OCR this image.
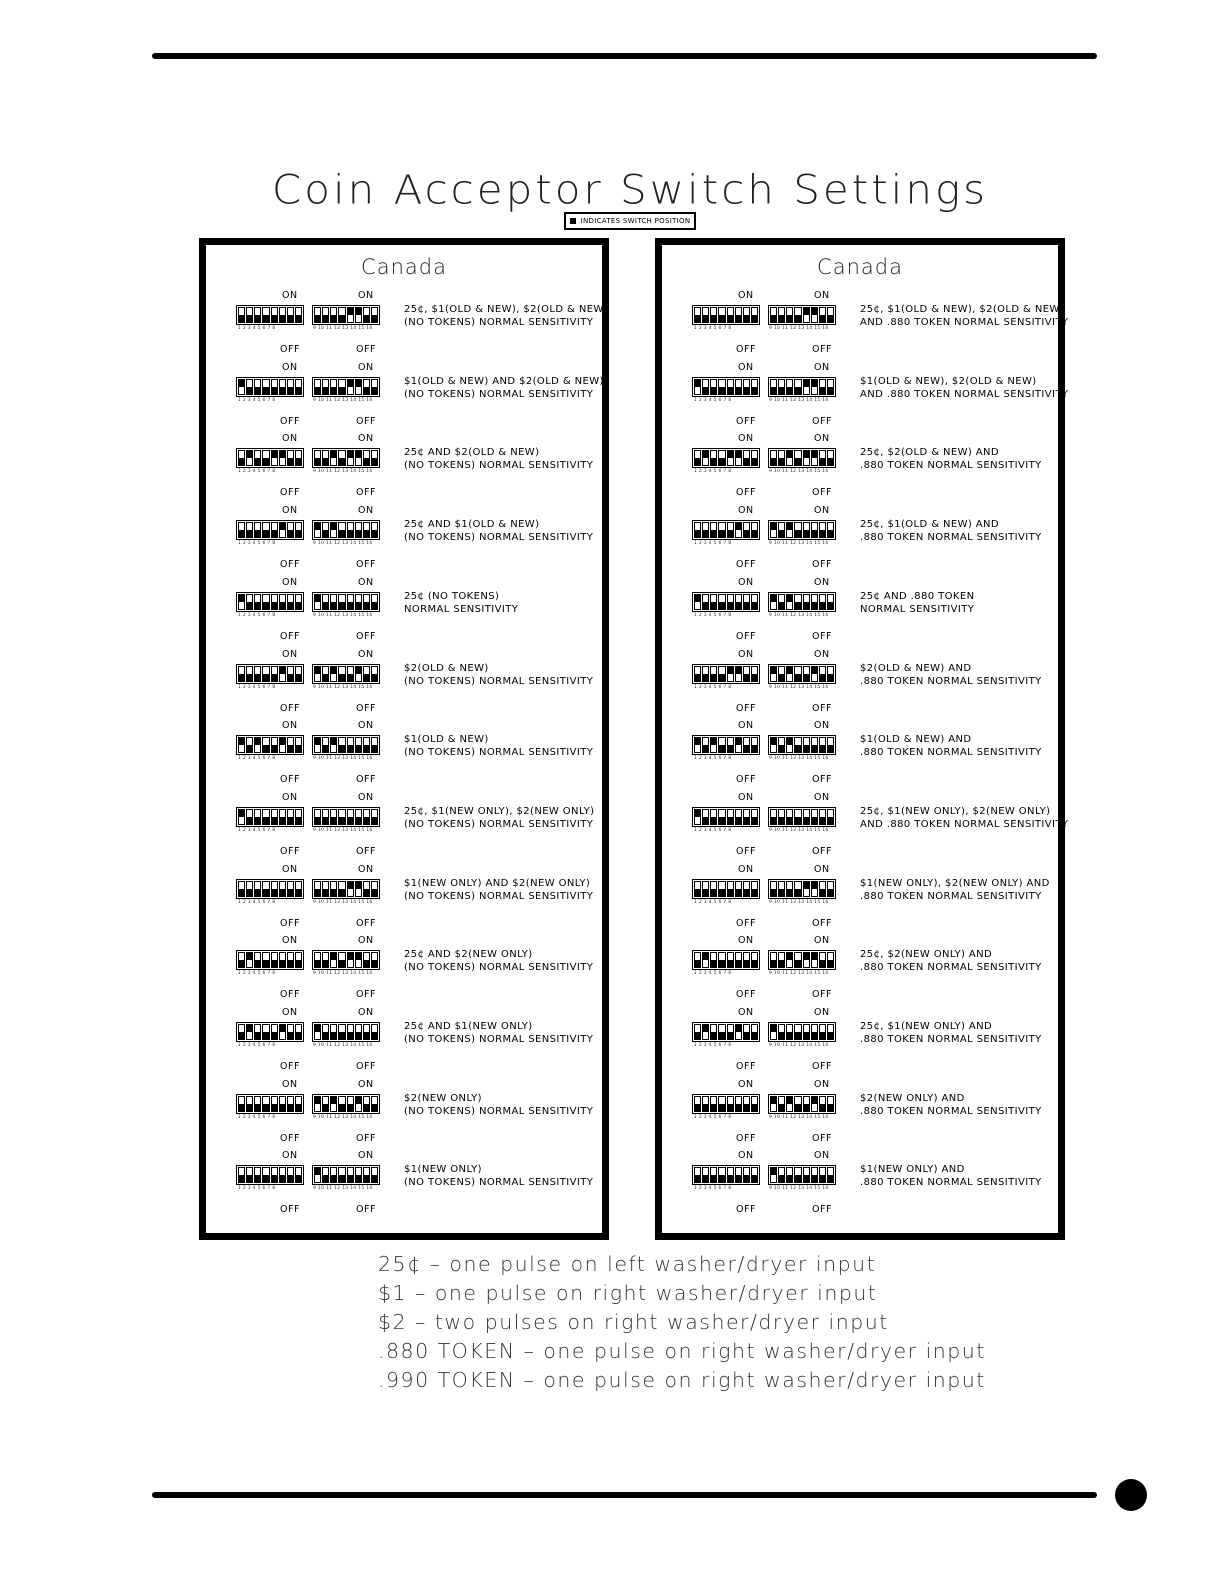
Coin Acceptor Switch Settings
INDICATES SWITCH POSITION
Canada
ON	ON
1 2 3 4 5 6 7 8	9 10 11 12 13 14 15 16
25¢, $1(OLD & NEW), $2(OLD & NEW)
(NO TOKENS) NORMAL SENSITIVITY
OFF	OFF
ON	ON
1 2 3 4 5 6 7 8	9 10 11 12 13 14 15 16
$1(OLD & NEW) AND $2(OLD & NEW)
(NO TOKENS) NORMAL SENSITIVITY
OFF	OFF
ON	ON
1 2 3 4 5 6 7 8	9 10 11 12 13 14 15 16
25¢ AND $2(OLD & NEW)
(NO TOKENS) NORMAL SENSITIVITY
OFF	OFF
ON	ON
1 2 3 4 5 6 7 8	9 10 11 12 13 14 15 16
25¢ AND $1(OLD & NEW)
(NO TOKENS) NORMAL SENSITIVITY
OFF	OFF
ON	ON
1 2 3 4 5 6 7 8	9 10 11 12 13 14 15 16
25¢ (NO TOKENS)
NORMAL SENSITIVITY
OFF	OFF
ON	ON
1 2 3 4 5 6 7 8	9 10 11 12 13 14 15 16
$2(OLD & NEW)
(NO TOKENS) NORMAL SENSITIVITY
OFF	OFF
ON	ON
1 2 3 4 5 6 7 8	9 10 11 12 13 14 15 16
$1(OLD & NEW)
(NO TOKENS) NORMAL SENSITIVITY
OFF	OFF
ON	ON
1 2 3 4 5 6 7 8	9 10 11 12 13 14 15 16
25¢, $1(NEW ONLY), $2(NEW ONLY)
(NO TOKENS) NORMAL SENSITIVITY
OFF	OFF
ON	ON
1 2 3 4 5 6 7 8	9 10 11 12 13 14 15 16
$1(NEW ONLY) AND $2(NEW ONLY)
(NO TOKENS) NORMAL SENSITIVITY
OFF	OFF
ON	ON
1 2 3 4 5 6 7 8	9 10 11 12 13 14 15 16
25¢ AND $2(NEW ONLY)
(NO TOKENS) NORMAL SENSITIVITY
OFF	OFF
ON	ON
1 2 3 4 5 6 7 8	9 10 11 12 13 14 15 16
25¢ AND $1(NEW ONLY)
(NO TOKENS) NORMAL SENSITIVITY
OFF	OFF
ON	ON
1 2 3 4 5 6 7 8	9 10 11 12 13 14 15 16
$2(NEW ONLY)
(NO TOKENS) NORMAL SENSITIVITY
OFF	OFF
ON	ON
1 2 3 4 5 6 7 8	9 10 11 12 13 14 15 16
$1(NEW ONLY)
(NO TOKENS) NORMAL SENSITIVITY
OFF	OFF
Canada
ON	ON
1 2 3 4 5 6 7 8	9 10 11 12 13 14 15 16
25¢, $1(OLD & NEW), $2(OLD & NEW)
AND .880 TOKEN NORMAL SENSITIVITY
OFF	OFF
ON	ON
1 2 3 4 5 6 7 8	9 10 11 12 13 14 15 16
$1(OLD & NEW), $2(OLD & NEW)
AND .880 TOKEN NORMAL SENSITIVITY
OFF	OFF
ON	ON
1 2 3 4 5 6 7 8	9 10 11 12 13 14 15 16
25¢, $2(OLD & NEW) AND
.880 TOKEN NORMAL SENSITIVITY
OFF	OFF
ON	ON
1 2 3 4 5 6 7 8	9 10 11 12 13 14 15 16
25¢, $1(OLD & NEW) AND
.880 TOKEN NORMAL SENSITIVITY
OFF	OFF
ON	ON
1 2 3 4 5 6 7 8	9 10 11 12 13 14 15 16
25¢ AND .880 TOKEN
NORMAL SENSITIVITY
OFF	OFF
ON	ON
1 2 3 4 5 6 7 8	9 10 11 12 13 14 15 16
$2(OLD & NEW) AND
.880 TOKEN NORMAL SENSITIVITY
OFF	OFF
ON	ON
1 2 3 4 5 6 7 8	9 10 11 12 13 14 15 16
$1(OLD & NEW) AND
.880 TOKEN NORMAL SENSITIVITY
OFF	OFF
ON	ON
1 2 3 4 5 6 7 8	9 10 11 12 13 14 15 16
25¢, $1(NEW ONLY), $2(NEW ONLY)
AND .880 TOKEN NORMAL SENSITIVITY
OFF	OFF
ON	ON
1 2 3 4 5 6 7 8	9 10 11 12 13 14 15 16
$1(NEW ONLY), $2(NEW ONLY) AND
.880 TOKEN NORMAL SENSITIVITY
OFF	OFF
ON	ON
1 2 3 4 5 6 7 8	9 10 11 12 13 14 15 16
25¢, $2(NEW ONLY) AND
.880 TOKEN NORMAL SENSITIVITY
OFF	OFF
ON	ON
1 2 3 4 5 6 7 8	9 10 11 12 13 14 15 16
25¢, $1(NEW ONLY) AND
.880 TOKEN NORMAL SENSITIVITY
OFF	OFF
ON	ON
1 2 3 4 5 6 7 8	9 10 11 12 13 14 15 16
$2(NEW ONLY) AND
.880 TOKEN NORMAL SENSITIVITY
OFF	OFF
ON	ON
1 2 3 4 5 6 7 8	9 10 11 12 13 14 15 16
$1(NEW ONLY) AND
.880 TOKEN NORMAL SENSITIVITY
OFF	OFF
25¢ – one pulse on left washer/dryer input
$1 – one pulse on right washer/dryer input
$2 – two pulses on right washer/dryer input
.880 TOKEN – one pulse on right washer/dryer input
.990 TOKEN – one pulse on right washer/dryer input
